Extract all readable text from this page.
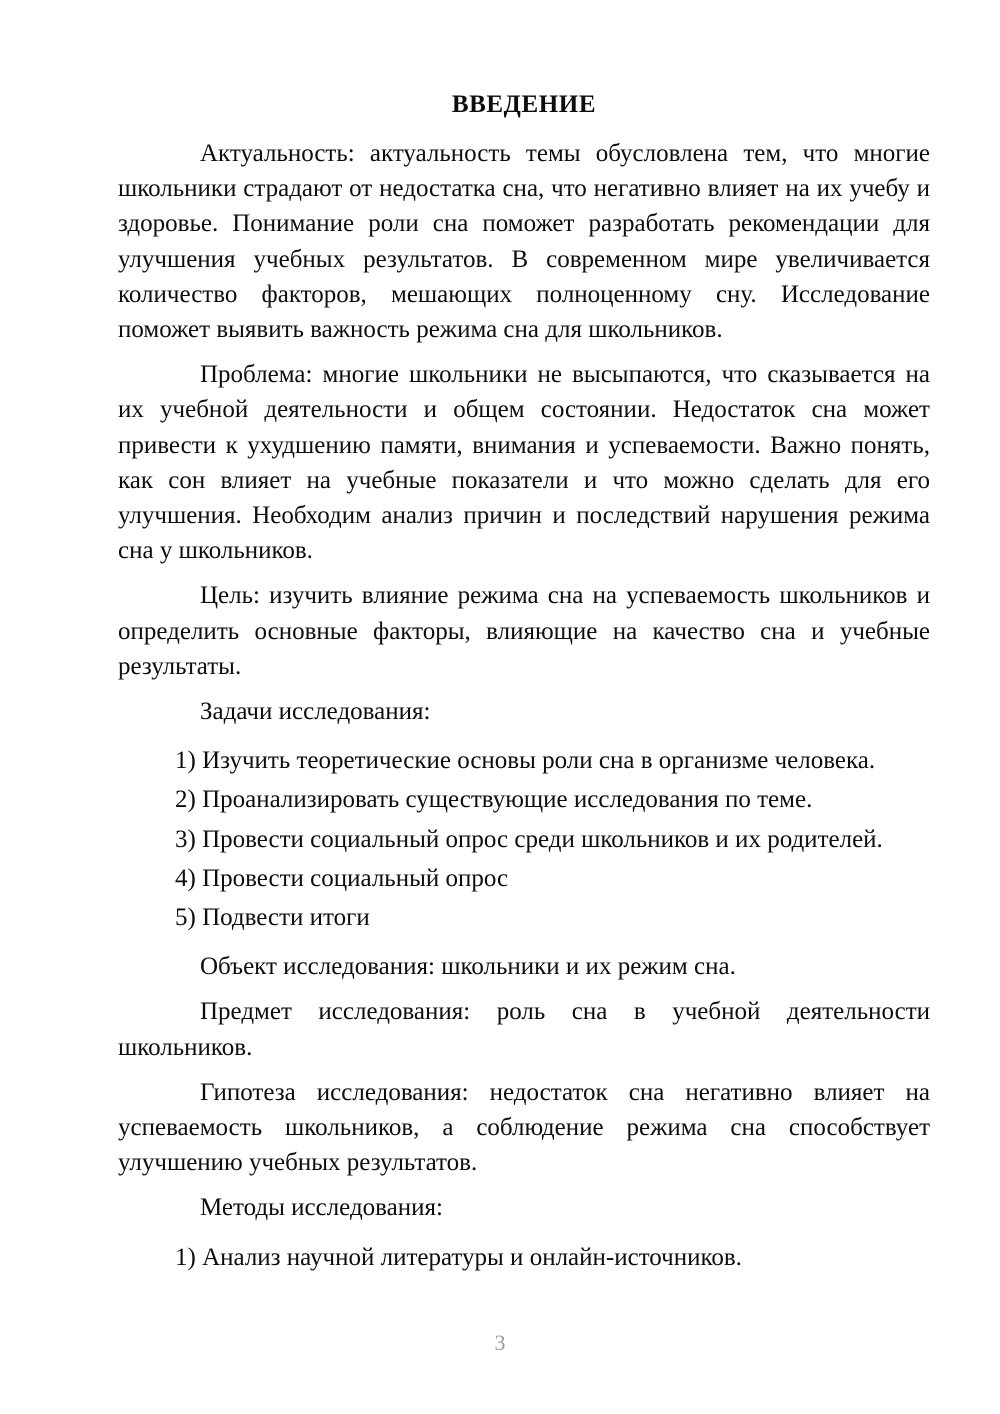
ВВЕДЕНИЕ

Актуальность: актуальность темы обусловлена тем, что многие школьники страдают от недостатка сна, что негативно влияет на их учебу и здоровье. Понимание роли сна поможет разработать рекомендации для улучшения учебных результатов. В современном мире увеличивается количество факторов, мешающих полноценному сну. Исследование поможет выявить важность режима сна для школьников.

Проблема: многие школьники не высыпаются, что сказывается на их учебной деятельности и общем состоянии. Недостаток сна может привести к ухудшению памяти, внимания и успеваемости. Важно понять, как сон влияет на учебные показатели и что можно сделать для его улучшения. Необходим анализ причин и последствий нарушения режима сна у школьников.

Цель: изучить влияние режима сна на успеваемость школьников и определить основные факторы, влияющие на качество сна и учебные результаты.

Задачи исследования:

1) Изучить теоретические основы роли сна в организме человека.
2) Проанализировать существующие исследования по теме.
3) Провести социальный опрос среди школьников и их родителей.
4) Провести социальный опрос
5) Подвести итоги

Объект исследования: школьники и их режим сна.

Предмет исследования: роль сна в учебной деятельности школьников.

Гипотеза исследования: недостаток сна негативно влияет на успеваемость школьников, а соблюдение режима сна способствует улучшению учебных результатов.

Методы исследования:

1) Анализ научной литературы и онлайн-источников.
3
